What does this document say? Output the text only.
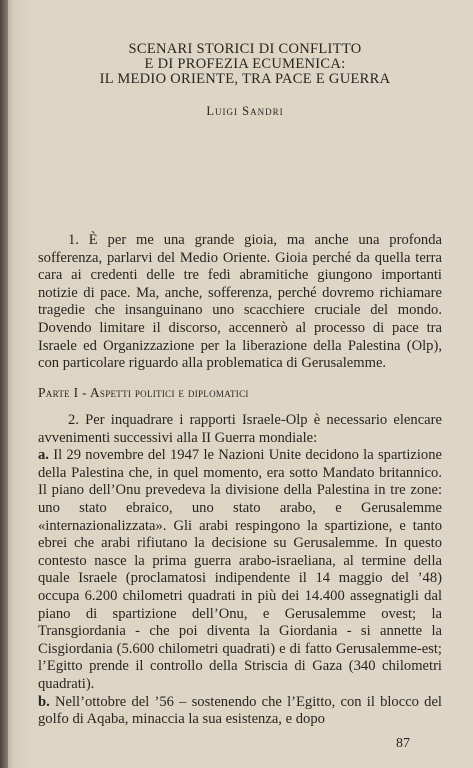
SCENARI STORICI DI CONFLITTO
E DI PROFEZIA ECUMENICA:
IL MEDIO ORIENTE, TRA PACE E GUERRA
Luigi Sandri

1. È per me una grande gioia, ma anche una profonda sofferenza, parlarvi del Medio Oriente. Gioia perché da quella terra cara ai credenti delle tre fedi abramitiche giungono importanti notizie di pace. Ma, anche, sofferenza, perché dovremo richiamare tragedie che insanguinano uno scacchiere cruciale del mondo. Dovendo limitare il discorso, accennerò al processo di pace tra Israele ed Organizzazione per la liberazione della Palestina (Olp), con particolare riguardo alla problematica di Gerusalemme.

Parte I - Aspetti politici e diplomatici

2. Per inquadrare i rapporti Israele-Olp è necessario elencare avvenimenti successivi alla II Guerra mondiale:

a. Il 29 novembre del 1947 le Nazioni Unite decidono la spartizione della Palestina che, in quel momento, era sotto Mandato britannico. Il piano dell’Onu prevedeva la divisione della Palestina in tre zone: uno stato ebraico, uno stato arabo, e Gerusalemme «internazionalizzata». Gli arabi respingono la spartizione, e tanto ebrei che arabi rifiutano la decisione su Gerusalemme. In questo contesto nasce la prima guerra arabo-israeliana, al termine della quale Israele (proclamatosi indipendente il 14 maggio del ’48) occupa 6.200 chilometri quadrati in più dei 14.400 assegnatigli dal piano di spartizione dell’Onu, e Gerusalemme ovest; la Transgiordania - che poi diventa la Giordania - si annette la Cisgiordania (5.600 chilometri quadrati) e di fatto Gerusalemme-est; l’Egitto prende il controllo della Striscia di Gaza (340 chilometri quadrati).

b. Nell’ottobre del ’56 – sostenendo che l’Egitto, con il blocco del golfo di Aqaba, minaccia la sua esistenza, e dopo

87
